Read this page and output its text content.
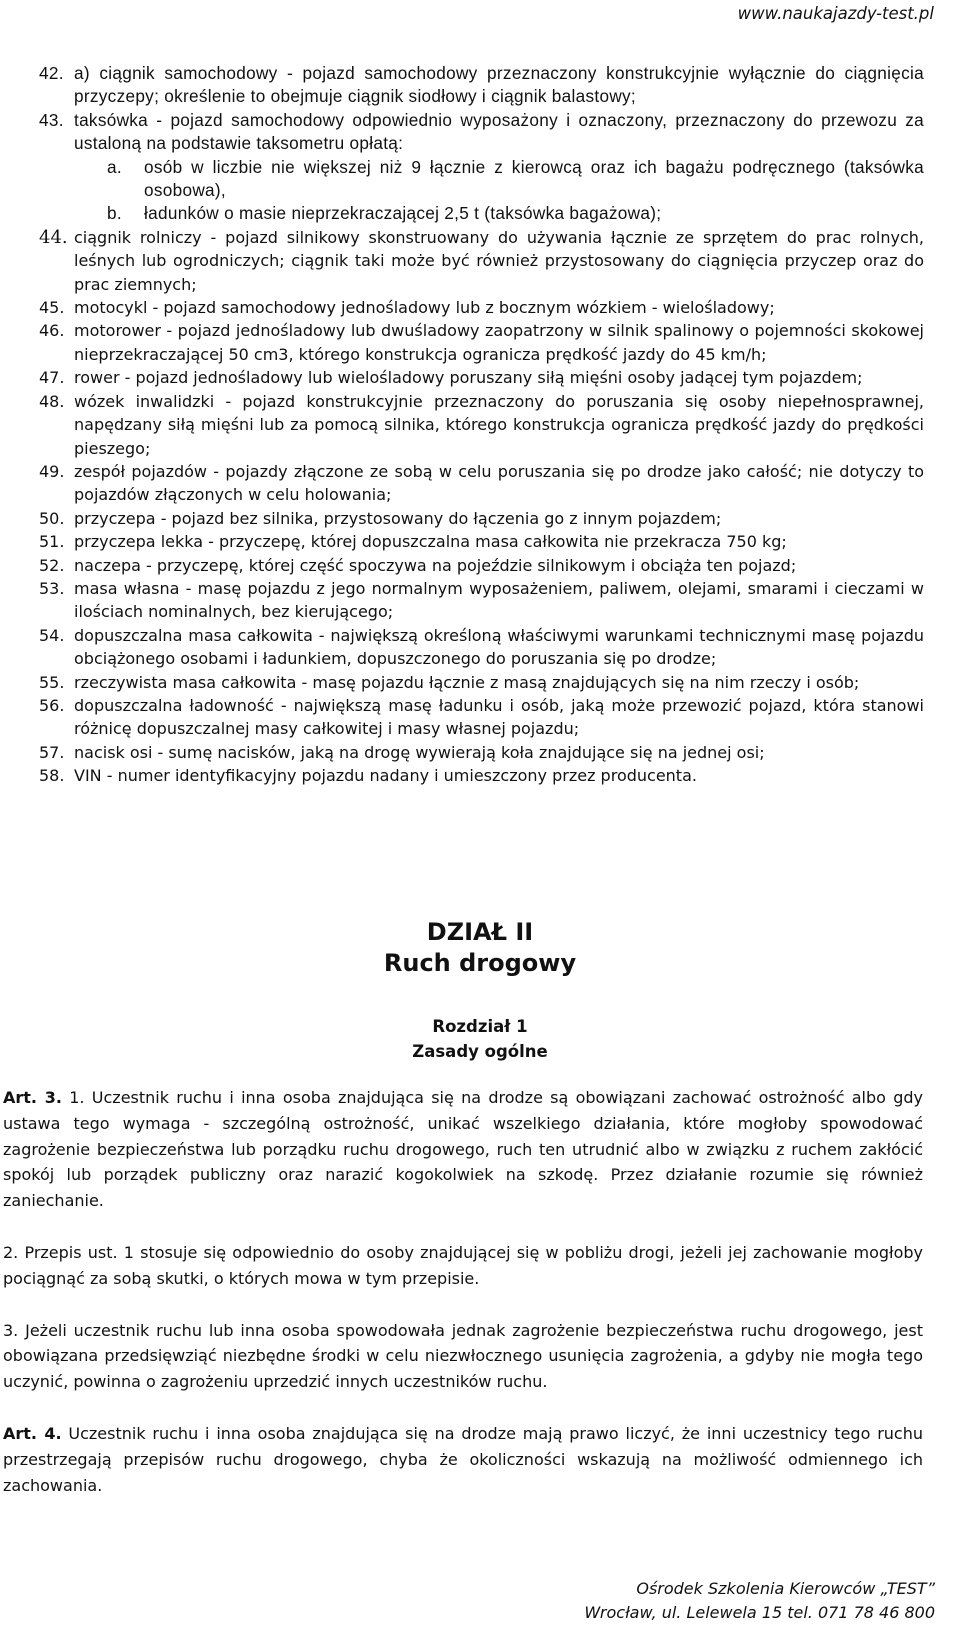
www.naukajazdy-test.pl
42. a) ciągnik samochodowy - pojazd samochodowy przeznaczony konstrukcyjnie wyłącznie do ciągnięcia przyczepy; określenie to obejmuje ciągnik siodłowy i ciągnik balastowy;
43. taksówka - pojazd samochodowy odpowiednio wyposażony i oznaczony, przeznaczony do przewozu za ustaloną na podstawie taksometru opłatą:
a. osób w liczbie nie większej niż 9 łącznie z kierowcą oraz ich bagażu podręcznego (taksówka osobowa),
b. ładunków o masie nieprzekraczającej 2,5 t (taksówka bagażowa);
44. ciągnik rolniczy - pojazd silnikowy skonstruowany do używania łącznie ze sprzętem do prac rolnych, leśnych lub ogrodniczych; ciągnik taki może być również przystosowany do ciągnięcia przyczep oraz do prac ziemnych;
45. motocykl - pojazd samochodowy jednośladowy lub z bocznym wózkiem - wielośladowy;
46. motorower - pojazd jednośladowy lub dwuśladowy zaopatrzony w silnik spalinowy o pojemności skokowej nieprzekraczającej 50 cm3, którego konstrukcja ogranicza prędkość jazdy do 45 km/h;
47. rower - pojazd jednośladowy lub wielośladowy poruszany siłą mięśni osoby jadącej tym pojazdem;
48. wózek inwalidzki - pojazd konstrukcyjnie przeznaczony do poruszania się osoby niepełnosprawnej, napędzany siłą mięśni lub za pomocą silnika, którego konstrukcja ogranicza prędkość jazdy do prędkości pieszego;
49. zespół pojazdów - pojazdy złączone ze sobą w celu poruszania się po drodze jako całość; nie dotyczy to pojazdów złączonych w celu holowania;
50. przyczepa - pojazd bez silnika, przystosowany do łączenia go z innym pojazdem;
51. przyczepa lekka - przyczepę, której dopuszczalna masa całkowita nie przekracza 750 kg;
52. naczepa - przyczepę, której część spoczywa na pojeździe silnikowym i obciąża ten pojazd;
53. masa własna - masę pojazdu z jego normalnym wyposażeniem, paliwem, olejami, smarami i cieczami w ilościach nominalnych, bez kierującego;
54. dopuszczalna masa całkowita - największą określoną właściwymi warunkami technicznymi masę pojazdu obciążonego osobami i ładunkiem, dopuszczonego do poruszania się po drodze;
55. rzeczywista masa całkowita - masę pojazdu łącznie z masą znajdujących się na nim rzeczy i osób;
56. dopuszczalna ładowność - największą masę ładunku i osób, jaką może przewozić pojazd, która stanowi różnicę dopuszczalnej masy całkowitej i masy własnej pojazdu;
57. nacisk osi - sumę nacisków, jaką na drogę wywierają koła znajdujące się na jednej osi;
58. VIN - numer identyfikacyjny pojazdu nadany i umieszczony przez producenta.
DZIAŁ II
Ruch drogowy
Rozdział 1
Zasady ogólne

Art. 3. 1. Uczestnik ruchu i inna osoba znajdująca się na drodze są obowiązani zachować ostrożność albo gdy ustawa tego wymaga - szczególną ostrożność, unikać wszelkiego działania, które mogłoby spowodować zagrożenie bezpieczeństwa lub porządku ruchu drogowego, ruch ten utrudnić albo w związku z ruchem zakłócić spokój lub porządek publiczny oraz narazić kogokolwiek na szkodę. Przez działanie rozumie się również zaniechanie.

2. Przepis ust. 1 stosuje się odpowiednio do osoby znajdującej się w pobliżu drogi, jeżeli jej zachowanie mogłoby pociągnąć za sobą skutki, o których mowa w tym przepisie.

3. Jeżeli uczestnik ruchu lub inna osoba spowodowała jednak zagrożenie bezpieczeństwa ruchu drogowego, jest obowiązana przedsięwziąć niezbędne środki w celu niezwłocznego usunięcia zagrożenia, a gdyby nie mogła tego uczynić, powinna o zagrożeniu uprzedzić innych uczestników ruchu.

Art. 4. Uczestnik ruchu i inna osoba znajdująca się na drodze mają prawo liczyć, że inni uczestnicy tego ruchu przestrzegają przepisów ruchu drogowego, chyba że okoliczności wskazują na możliwość odmiennego ich zachowania.

Ośrodek Szkolenia Kierowców „TEST”
Wrocław, ul. Lelewela 15 tel. 071 78 46 800
